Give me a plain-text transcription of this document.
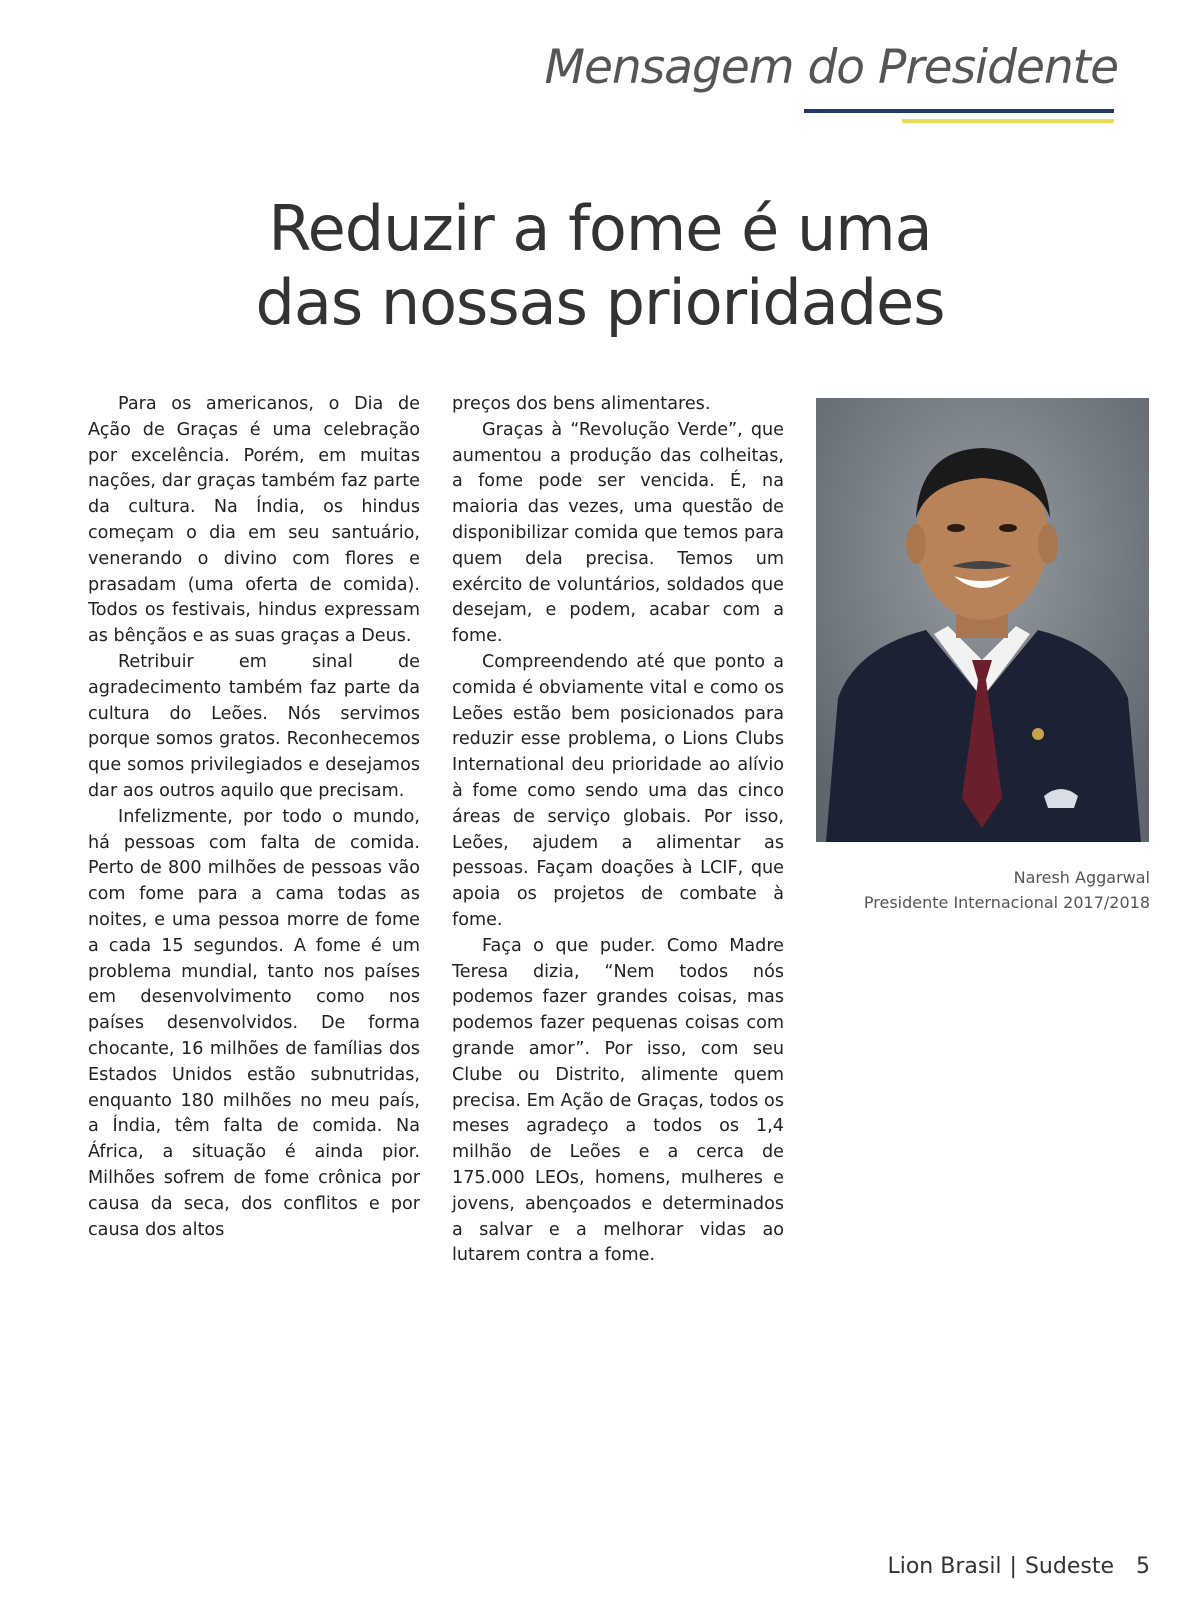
Mensagem do Presidente
Reduzir a fome é uma
das nossas prioridades

Para os americanos, o Dia de Ação de Graças é uma celebração por excelência. Porém, em muitas nações, dar graças também faz parte da cultura. Na Índia, os hindus começam o dia em seu santuário, venerando o divino com flores e prasadam (uma oferta de comida). Todos os festivais, hindus expressam as bênçãos e as suas graças a Deus.

Retribuir em sinal de agradecimento também faz parte da cultura do Leões. Nós servimos porque somos gratos. Reconhecemos que somos privilegiados e desejamos dar aos outros aquilo que precisam.

Infelizmente, por todo o mundo, há pessoas com falta de comida. Perto de 800 milhões de pessoas vão com fome para a cama todas as noites, e uma pessoa morre de fome a cada 15 segundos. A fome é um problema mundial, tanto nos países em desenvolvimento como nos países desenvolvidos. De forma chocante, 16 milhões de famílias dos Estados Unidos estão subnutridas, enquanto 180 milhões no meu país, a Índia, têm falta de comida. Na África, a situação é ainda pior. Milhões sofrem de fome crônica por causa da seca, dos conflitos e por causa dos altos

preços dos bens alimentares.

Graças à “Revolução Verde”, que aumentou a produção das colheitas, a fome pode ser vencida. É, na maioria das vezes, uma questão de disponibilizar comida que temos para quem dela precisa. Temos um exército de voluntários, soldados que desejam, e podem, acabar com a fome.

Compreendendo até que ponto a comida é obviamente vital e como os Leões estão bem posicionados para reduzir esse problema, o Lions Clubs International deu prioridade ao alívio à fome como sendo uma das cinco áreas de serviço globais. Por isso, Leões, ajudem a alimentar as pessoas. Façam doações à LCIF, que apoia os projetos de combate à fome.

Faça o que puder. Como Madre Teresa dizia, “Nem todos nós podemos fazer grandes coisas, mas podemos fazer pequenas coisas com grande amor”. Por isso, com seu Clube ou Distrito, alimente quem precisa. Em Ação de Graças, todos os meses agradeço a todos os 1,4 milhão de Leões e a cerca de 175.000 LEOs, homens, mulheres e jovens, abençoados e determinados a salvar e a melhorar vidas ao lutarem contra a fome.

Naresh Aggarwal
Presidente Internacional 2017/2018
Lion Brasil | Sudeste 5
